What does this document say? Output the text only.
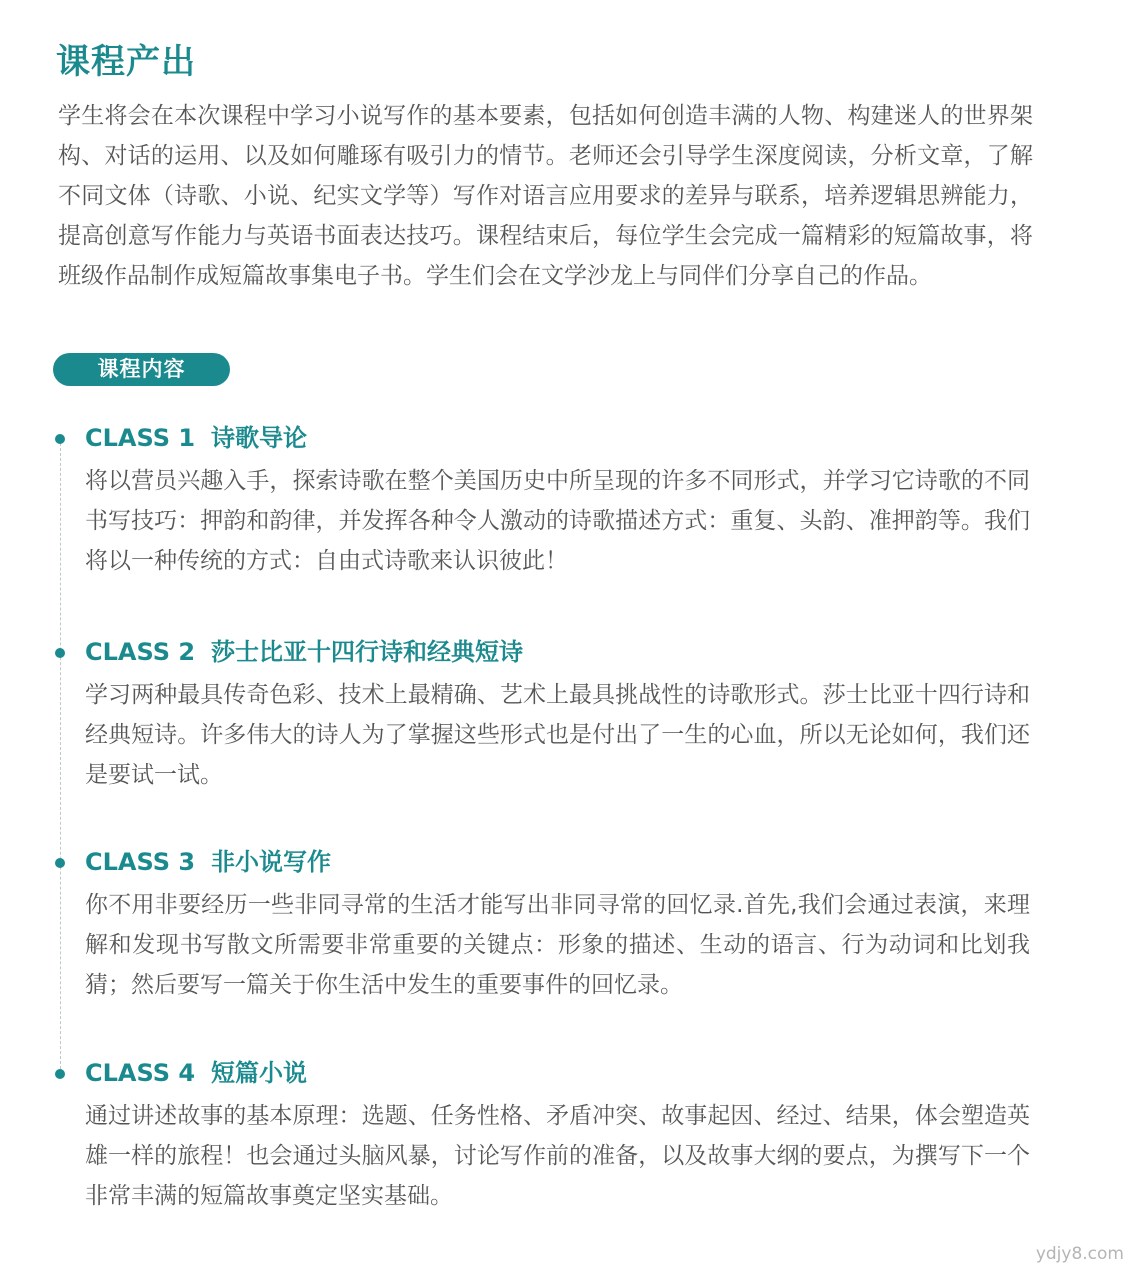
课程产出

学生将会在本次课程中学习小说写作的基本要素，包括如何创造丰满的人物、构建迷人的世界架构、对话的运用、以及如何雕琢有吸引力的情节。老师还会引导学生深度阅读，分析文章，了解不同文体（诗歌、小说、纪实文学等）写作对语言应用要求的差异与联系，培养逻辑思辨能力，提高创意写作能力与英语书面表达技巧。课程结束后，每位学生会完成一篇精彩的短篇故事，将班级作品制作成短篇故事集电子书。学生们会在文学沙龙上与同伴们分享自己的作品。

课程内容
CLASS 1 诗歌导论

将以营员兴趣入手，探索诗歌在整个美国历史中所呈现的许多不同形式，并学习它诗歌的不同书写技巧：押韵和韵律，并发挥各种令人激动的诗歌描述方式：重复、头韵、准押韵等。我们将以一种传统的方式：自由式诗歌来认识彼此！

CLASS 2 莎士比亚十四行诗和经典短诗

学习两种最具传奇色彩、技术上最精确、艺术上最具挑战性的诗歌形式。莎士比亚十四行诗和经典短诗。许多伟大的诗人为了掌握这些形式也是付出了一生的心血，所以无论如何，我们还是要试一试。

CLASS 3 非小说写作

你不用非要经历一些非同寻常的生活才能写出非同寻常的回忆录.首先,我们会通过表演，来理解和发现书写散文所需要非常重要的关键点：形象的描述、生动的语言、行为动词和比划我猜；然后要写一篇关于你生活中发生的重要事件的回忆录。

CLASS 4 短篇小说

通过讲述故事的基本原理：选题、任务性格、矛盾冲突、故事起因、经过、结果，体会塑造英雄一样的旅程！也会通过头脑风暴，讨论写作前的准备，以及故事大纲的要点，为撰写下一个非常丰满的短篇故事奠定坚实基础。

ydjy8.com
